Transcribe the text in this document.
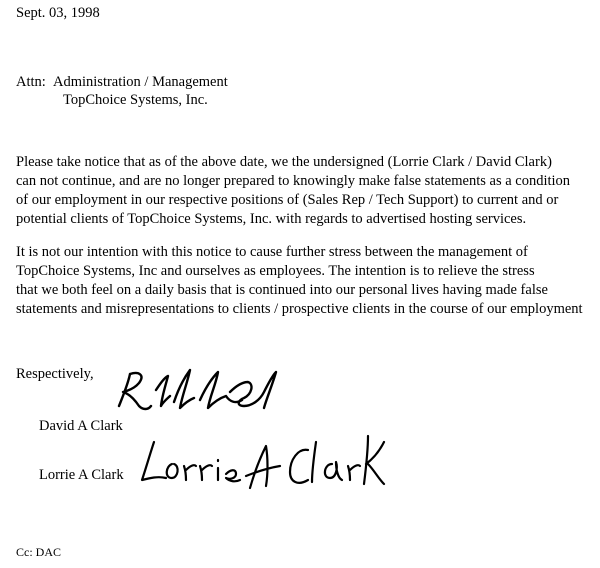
Sept. 03, 1998
Attn: Administration / Management
TopChoice Systems, Inc.
Please take notice that as of the above date, we the undersigned (Lorrie Clark / David Clark)
can not continue, and are no longer prepared to knowingly make false statements as a condition
of our employment in our respective positions of (Sales Rep / Tech Support) to current and or
potential clients of TopChoice Systems, Inc. with regards to advertised hosting services.
It is not our intention with this notice to cause further stress between the management of
TopChoice Systems, Inc and ourselves as employees. The intention is to relieve the stress
that we both feel on a daily basis that is continued into our personal lives having made false
statements and misrepresentations to clients / prospective clients in the course of our employment
Respectively,
David A Clark
Lorrie A Clark
Cc: DAC
